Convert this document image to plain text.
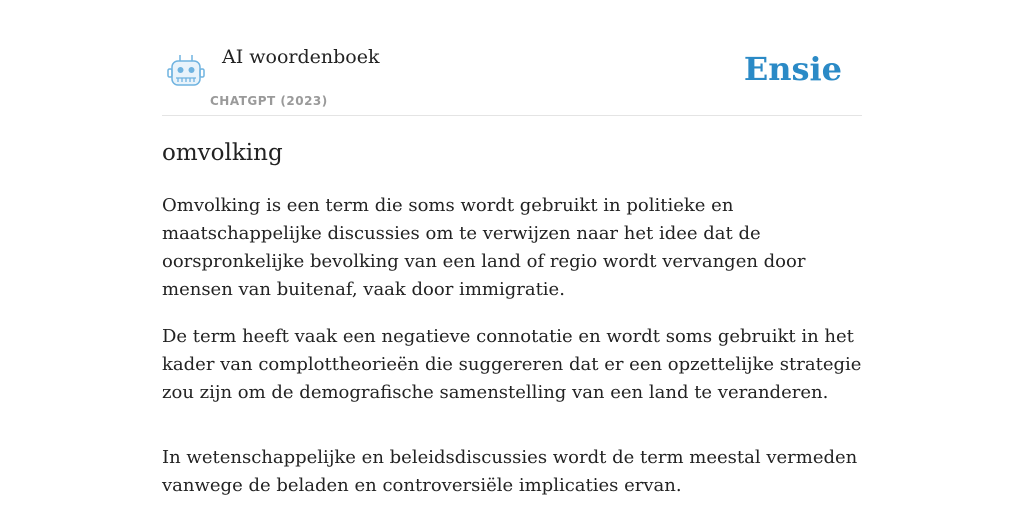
AI woordenboek
CHATGPT (2023)
Ensie
omvolking

Omvolking is een term die soms wordt gebruikt in politieke en maatschappelijke discussies om te verwijzen naar het idee dat de oorspronkelijke bevolking van een land of regio wordt vervangen door mensen van buitenaf, vaak door immigratie.

De term heeft vaak een negatieve connotatie en wordt soms gebruikt in het kader van complottheorieën die suggereren dat er een opzettelijke strategie zou zijn om de demografische samenstelling van een land te veranderen.

In wetenschappelijke en beleidsdiscussies wordt de term meestal vermeden vanwege de beladen en controversiële implicaties ervan.
